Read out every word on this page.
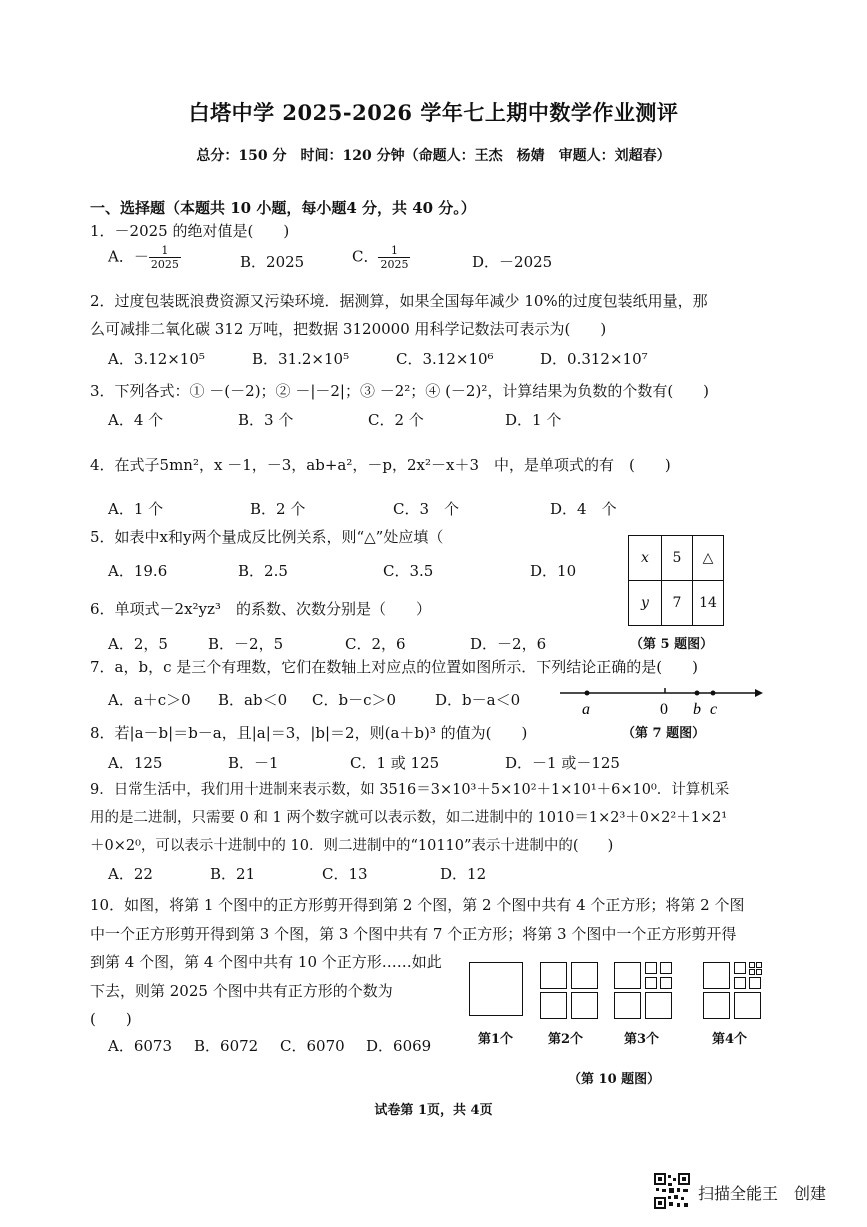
白塔中学 2025-2026 学年七上期中数学作业测评
总分：150 分　时间：120 分钟（命题人：王杰　杨婧　审题人：刘超春）
一、选择题（本题共 10 小题，每小题4 分，共 40 分。）
1．－2025 的绝对值是(　　)
A．－ $\frac{1}{2025}$	B．2025	C． $\frac{1}{2025}$	D．－2025
2．过度包装既浪费资源又污染环境．据测算，如果全国每年减少 10%的过度包装纸用量，那
么可减排二氧化碳 312 万吨，把数据 3120000 用科学记数法可表示为(　　)
A．3.12×10⁵	B．31.2×10⁵	C．3.12×10⁶	D．0.312×10⁷
3．下列各式：① －(－2)；② －|－2|；③ －2²；④ (－2)²，计算结果为负数的个数有(　　)
A．4 个	B．3 个	C．2 个	D．1 个
4．在式子5mn²，x －1，－3，ab+a²，－p，2x²－x＋3　中，是单项式的有　(　　)
A．1 个	B．2 个	C．3　个	D．4　个
5．如表中x和y两个量成反比例关系，则“△”处应填（
A．19.6	B．2.5	C．3.5	D．10
x	5	△
y	7	14
（第 5 题图）
6．单项式－2x²yz³　的系数、次数分别是（　　）
A．2，5	B．－2，5	C．2，6	D．－2，6
7．a，b，c 是三个有理数，它们在数轴上对应点的位置如图所示．下列结论正确的是(　　)
A．a＋c＞0 B．ab＜0 C．b－c＞0	D．b－a＜0
a	0 b c
8．若|a－b|＝b－a，且|a|＝3，|b|＝2，则(a＋b)³ 的值为(　　)	（第 7 题图）
A．125	B．－1	C．1 或 125	D．－1 或－125
9．日常生活中，我们用十进制来表示数，如 3516＝3×10³＋5×10²＋1×10¹＋6×10⁰．计算机采
用的是二进制，只需要 0 和 1 两个数字就可以表示数，如二进制中的 1010＝1×2³＋0×2²＋1×2¹
＋0×2⁰，可以表示十进制中的 10．则二进制中的“10110”表示十进制中的(　　)
A．22	B．21	C．13	D．12
10．如图，将第 1 个图中的正方形剪开得到第 2 个图，第 2 个图中共有 4 个正方形；将第 2 个图
中一个正方形剪开得到第 3 个图，第 3 个图中共有 7 个正方形；将第 3 个图中一个正方形剪开得
到第 4 个图，第 4 个图中共有 10 个正方形……如此
下去，则第 2025 个图中共有正方形的个数为
(　　)
A．6073 B．6072 C．6070 D．6069	第1个	第2个	第3个	第4个
（第 10 题图）
试卷第 1页，共 4页
扫描全能王　创建
